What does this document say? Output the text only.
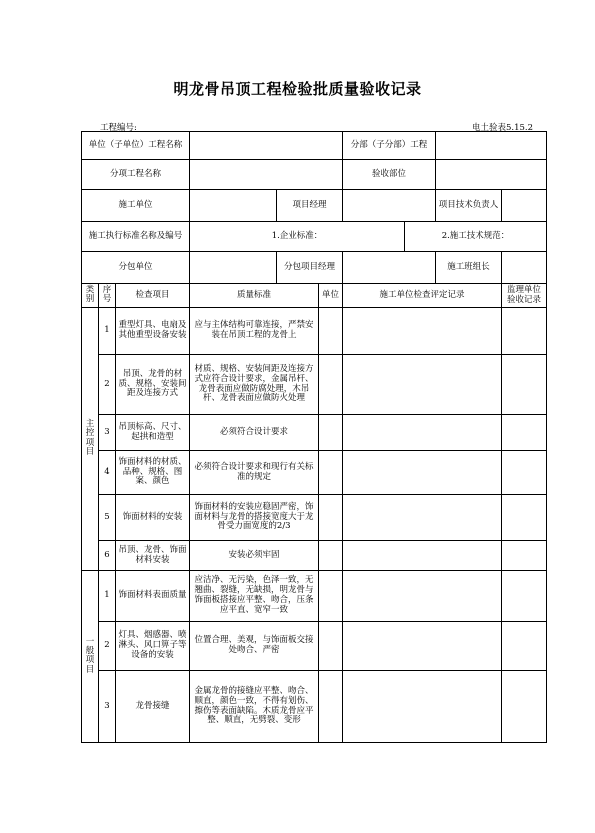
明龙骨吊顶工程检验批质量验收记录
工程编号:	电土验表5.15.2
单位（子单位）工程名称						分部（子分部）工程			
分项工程名称						验收部位			
施工单位				项目经理				项目技术负责人	
施工执行标准名称及编号			1.企业标准：				2.施工技术规范：		
分包单位				分包项目经理				施工班组长	
类别	序号	检查项目	质量标准		单位	施工单位检查评定记录			监理单位验收记录
主控项目	1	重型灯具、电扇及其他重型设备安装	应与主体结构可靠连接，严禁安装在吊顶工程的龙骨上						
	2	吊顶、龙骨的材质、规格、安装间距及连接方式	材质、规格、安装间距及连接方式应符合设计要求，金属吊杆、龙骨表面应做防腐处理，木吊杆、龙骨表面应做防火处理						
	3	吊顶标高、尺寸、起拱和造型	必须符合设计要求						
	4	饰面材料的材质、品种、规格、图案、颜色	必须符合设计要求和现行有关标准的规定						
	5	饰面材料的安装	饰面材料的安装应稳固严密，饰面材料与龙骨的搭接宽度大于龙骨受力面宽度的2/3						
	6	吊顶、龙骨、饰面材料安装	安装必须牢固						
一般项目	1	饰面材料表面质量	应洁净、无污染，色泽一致，无翘曲、裂缝，无缺损，明龙骨与饰面板搭接应平整、吻合，压条应平直、宽窄一致						
	2	灯具、烟感器、喷淋头、风口箅子等设备的安装	位置合理、美观，与饰面板交接处吻合、严密						
	3	龙骨接缝	金属龙骨的接缝应平整、吻合、顺直，颜色一致，不得有划伤、擦伤等表面缺陷。木质龙骨应平整、顺直，无劈裂、变形						
